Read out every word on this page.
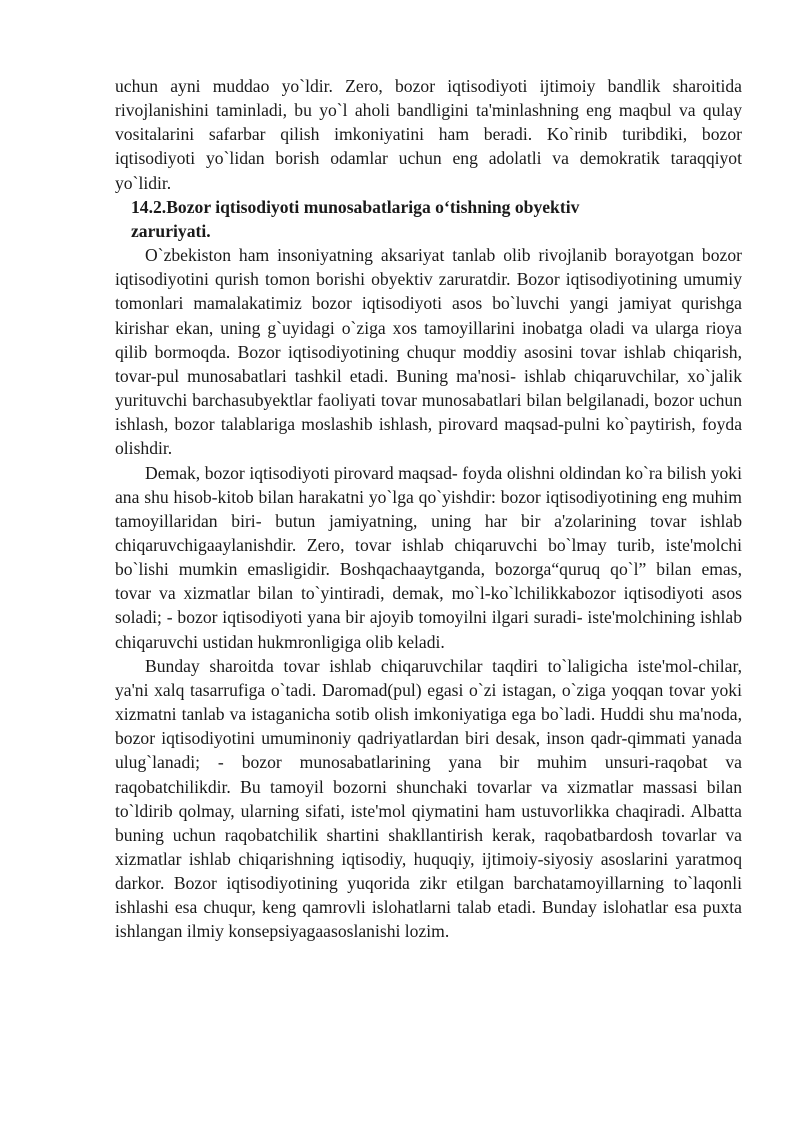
uchun ayni muddao yo`ldir. Zero, bozor iqtisodiyoti ijtimoiy bandlik sharoitida rivojlanishini taminladi, bu yo`l aholi bandligini ta'minlashning eng maqbul va qulay vositalarini safarbar qilish imkoniyatini ham beradi. Ko`rinib turibdiki, bozor iqtisodiyoti yo`lidan borish odamlar uchun eng adolatli va demokratik taraqqiyot yo`lidir.

14.2.Bozor iqtisodiyoti munosabatlariga o‘tishning obyektiv

zaruriyati.

O`zbekiston ham insoniyatning aksariyat tanlab olib rivojlanib borayotgan bozor iqtisodiyotini qurish tomon borishi obyektiv zaruratdir. Bozor iqtisodiyotining umumiy tomonlari mamalakatimiz bozor iqtisodiyoti asos bo`luvchi yangi jamiyat qurishga kirishar ekan, uning g`uyidagi o`ziga xos tamoyillarini inobatga oladi va ularga rioya qilib bormoqda. Bozor iqtisodiyotining chuqur moddiy asosini tovar ishlab chiqarish, tovar-pul munosabatlari tashkil etadi. Buning ma'nosi- ishlab chiqaruvchilar, xo`jalik yurituvchi barchasubyektlar faoliyati tovar munosabatlari bilan belgilanadi, bozor uchun ishlash, bozor talablariga moslashib ishlash, pirovard maqsad-pulni ko`paytirish, foyda olishdir.

Demak, bozor iqtisodiyoti pirovard maqsad- foyda olishni oldindan ko`ra bilish yoki ana shu hisob-kitob bilan harakatni yo`lga qo`yishdir: bozor iqtisodiyotining eng muhim tamoyillaridan biri- butun jamiyatning, uning har bir a'zolarining tovar ishlab chiqaruvchigaaylanishdir. Zero, tovar ishlab chiqaruvchi bo`lmay turib, iste'molchi bo`lishi mumkin emasligidir. Boshqachaaytganda, bozorga“quruq qo`l” bilan emas, tovar va xizmatlar bilan to`yintiradi, demak, mo`l-ko`lchilikkabozor iqtisodiyoti asos soladi; - bozor iqtisodiyoti yana bir ajoyib tomoyilni ilgari suradi- iste'molchining ishlab chiqaruvchi ustidan hukmronligiga olib keladi.

Bunday sharoitda tovar ishlab chiqaruvchilar taqdiri to`laligicha iste'mol-chilar, ya'ni xalq tasarrufiga o`tadi. Daromad(pul) egasi o`zi istagan, o`ziga yoqqan tovar yoki xizmatni tanlab va istaganicha sotib olish imkoniyatiga ega bo`ladi. Huddi shu ma'noda, bozor iqtisodiyotini umuminoniy qadriyatlardan biri desak, inson qadr-qimmati yanada ulug`lanadi; - bozor munosabatlarining yana bir muhim unsuri-raqobat va raqobatchilikdir. Bu tamoyil bozorni shunchaki tovarlar va xizmatlar massasi bilan to`ldirib qolmay, ularning sifati, iste'mol qiymatini ham ustuvorlikka chaqiradi. Albatta buning uchun raqobatchilik shartini shakllantirish kerak, raqobatbardosh tovarlar va xizmatlar ishlab chiqarishning iqtisodiy, huquqiy, ijtimoiy-siyosiy asoslarini yaratmoq darkor. Bozor iqtisodiyotining yuqorida zikr etilgan barchatamoyillarning to`laqonli ishlashi esa chuqur, keng qamrovli islohatlarni talab etadi. Bunday islohatlar esa puxta ishlangan ilmiy konsepsiyagaasoslanishi lozim.
